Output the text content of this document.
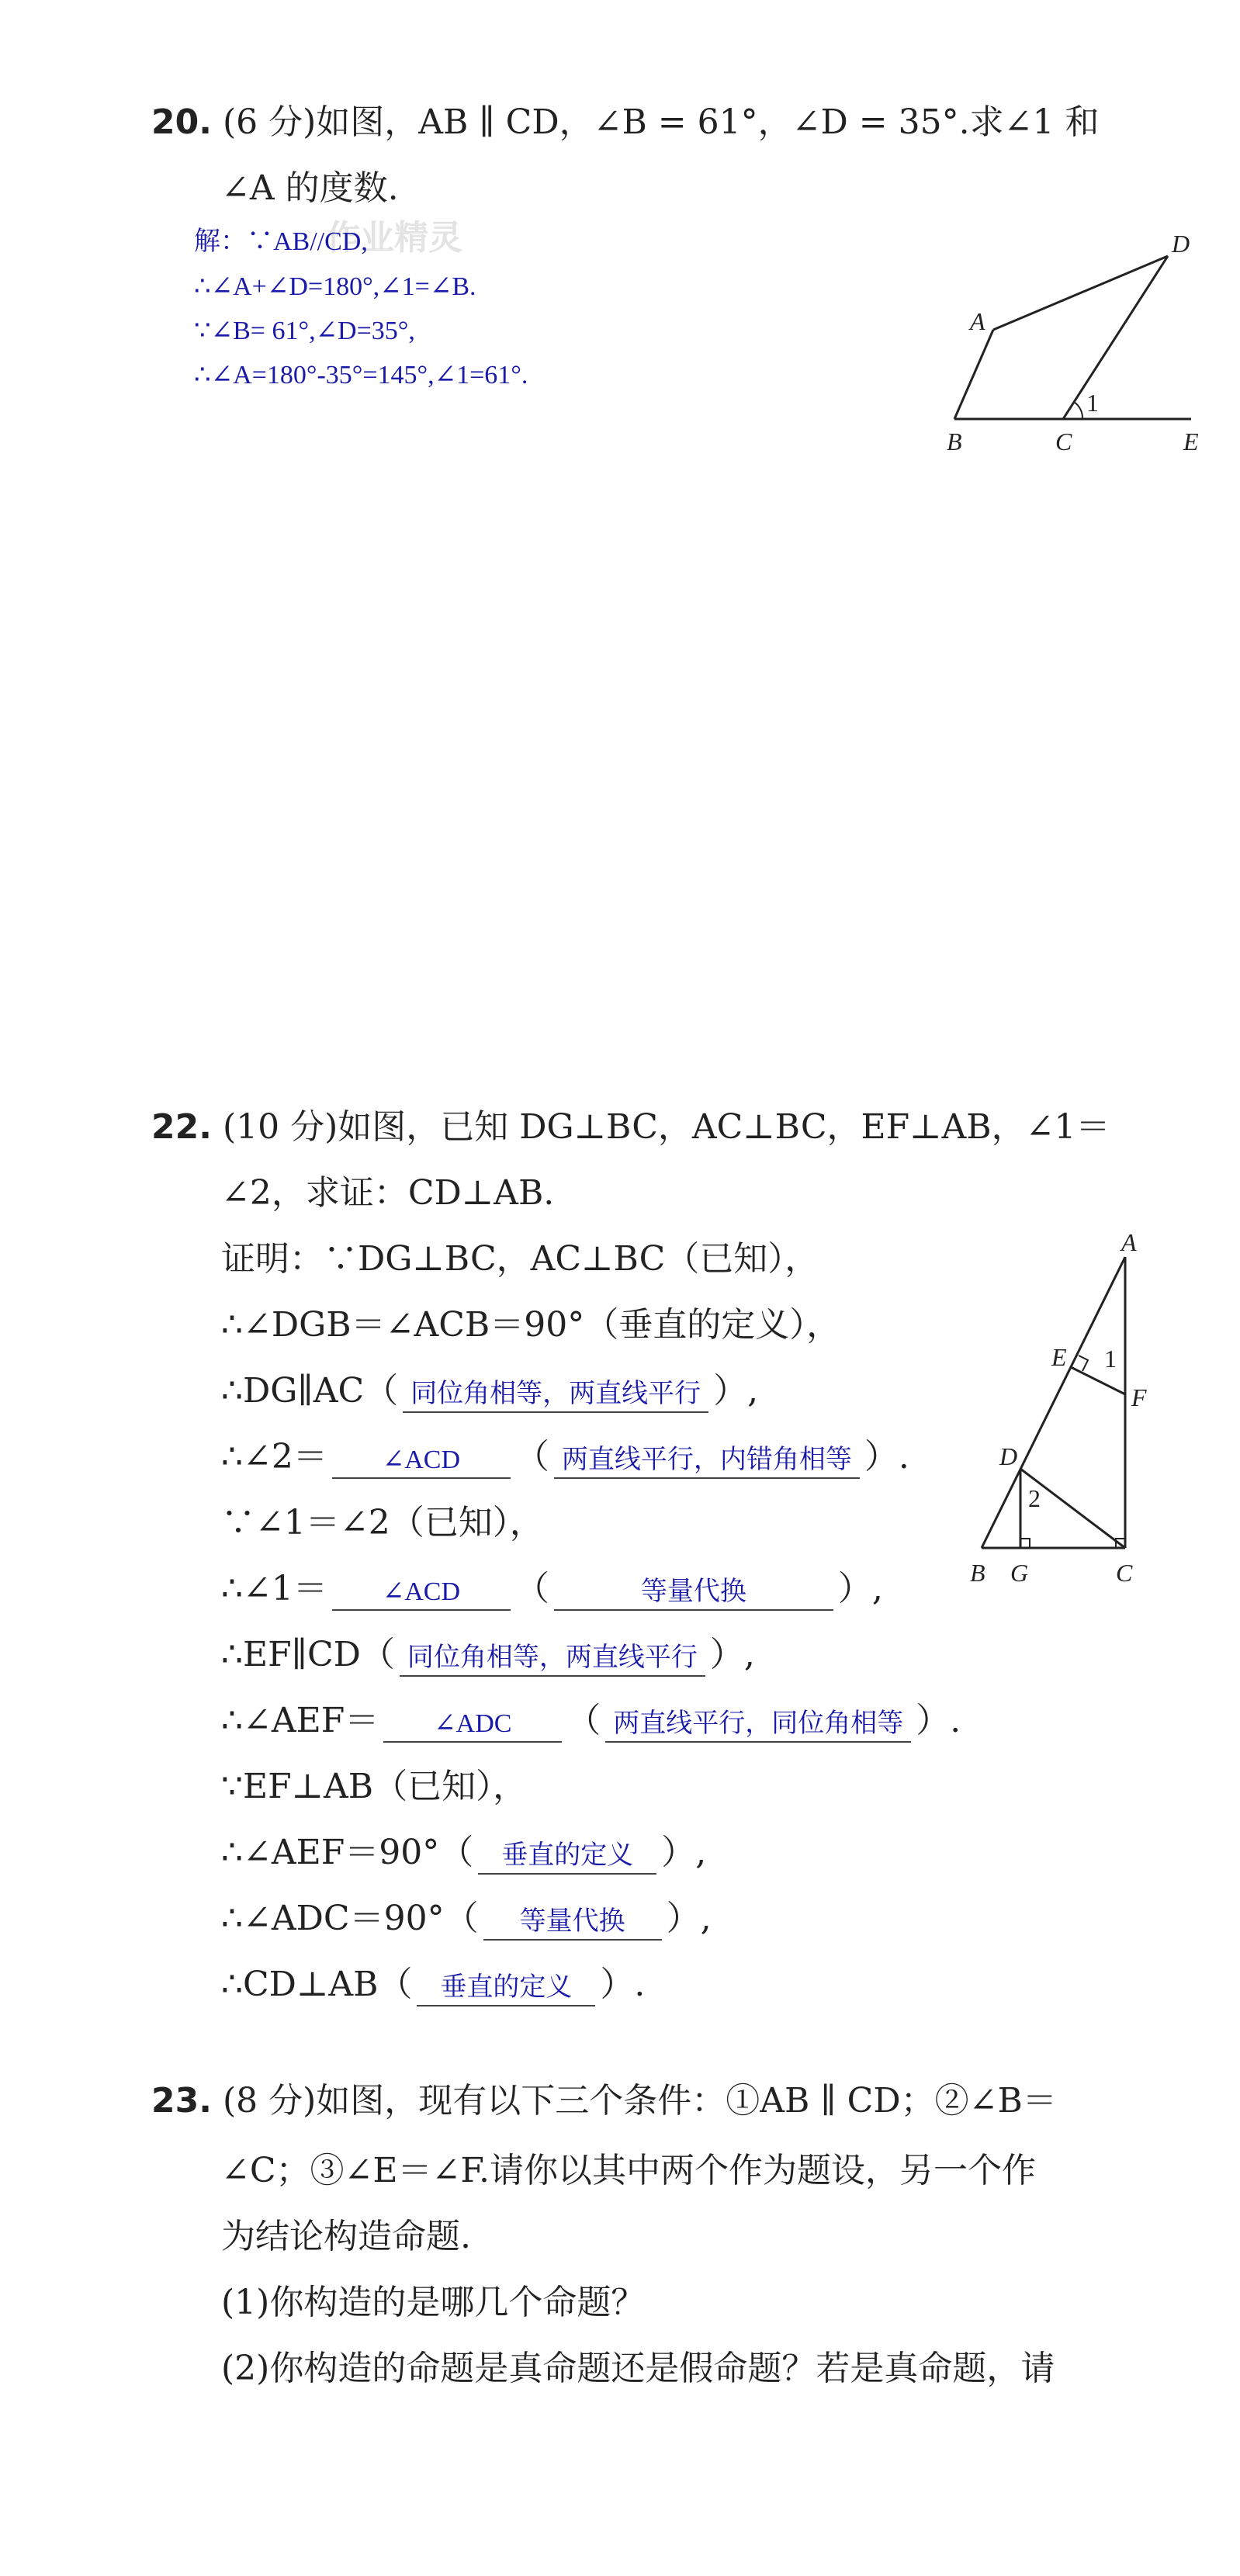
20. (6 分)如图，AB ∥ CD，∠B = 61°，∠D = 35°.求∠1 和
∠A 的度数.
作业精灵
解：∵AB//CD,
∴∠A+∠D=180°,∠1=∠B.
∵∠B= 61°,∠D=35°,
∴∠A=180°-35°=145°,∠1=61°.
D
A
1
B	C	E
22. (10 分)如图，已知 DG⊥BC，AC⊥BC，EF⊥AB，∠1＝
∠2，求证：CD⊥AB.
证明：∵DG⊥BC，AC⊥BC（已知），
∴∠DGB＝∠ACB＝90°（垂直的定义），
∴DG∥AC（ 同位角相等，两直线平行 ）,
∴∠2＝ ∠ACD （ 两直线平行，内错角相等 ）.
∵∠1＝∠2（已知），
∴∠1＝ ∠ACD （	等量代换	）,
∴EF∥CD（ 同位角相等，两直线平行 ）,
∴∠AEF＝ ∠ADC （ 两直线平行，同位角相等 ）.
∵EF⊥AB（已知），
∴∠AEF＝90°（ 垂直的定义 ）,
∴∠ADC＝90°（ 等量代换 ）,
∴CD⊥AB（ 垂直的定义 ）.
A
E 1
F
D
2
B G	C
23. (8 分)如图，现有以下三个条件：①AB ∥ CD；②∠B＝
∠C；③∠E＝∠F.请你以其中两个作为题设，另一个作
为结论构造命题.
(1)你构造的是哪几个命题？
(2)你构造的命题是真命题还是假命题？若是真命题，请
